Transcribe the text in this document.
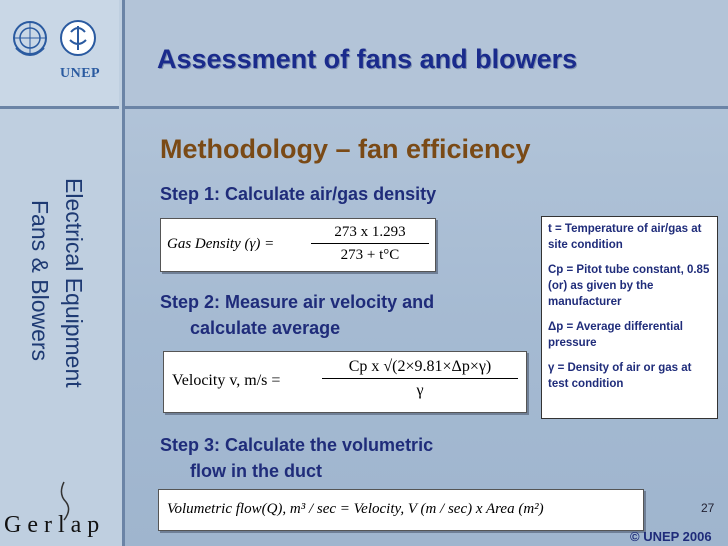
UNEP
Electrical Equipment
Fans & Blowers
Gerlap
Assessment of fans and blowers
Methodology – fan efficiency
Step 1: Calculate air/gas density
Gas Density $(\gamma) = \frac{273 x 1.293}{273 + t^\circ C}$
Step 2: Measure air velocity and
calculate average
Velocity v, m/s =	$\frac{\text{Cp x √(2×9.81×Δp×γ)}}{\gamma}$
Step 3: Calculate the volumetric
flow in the duct
Volumetric flow(Q), m³ / sec = Velocity, V (m / sec) x Area (m²)

t = Temperature of air/gas at site condition

Cp = Pitot tube constant, 0.85 (or) as given by the manufacturer

Δp = Average differential pressure

γ = Density of air or gas at test condition

27
© UNEP 2006
